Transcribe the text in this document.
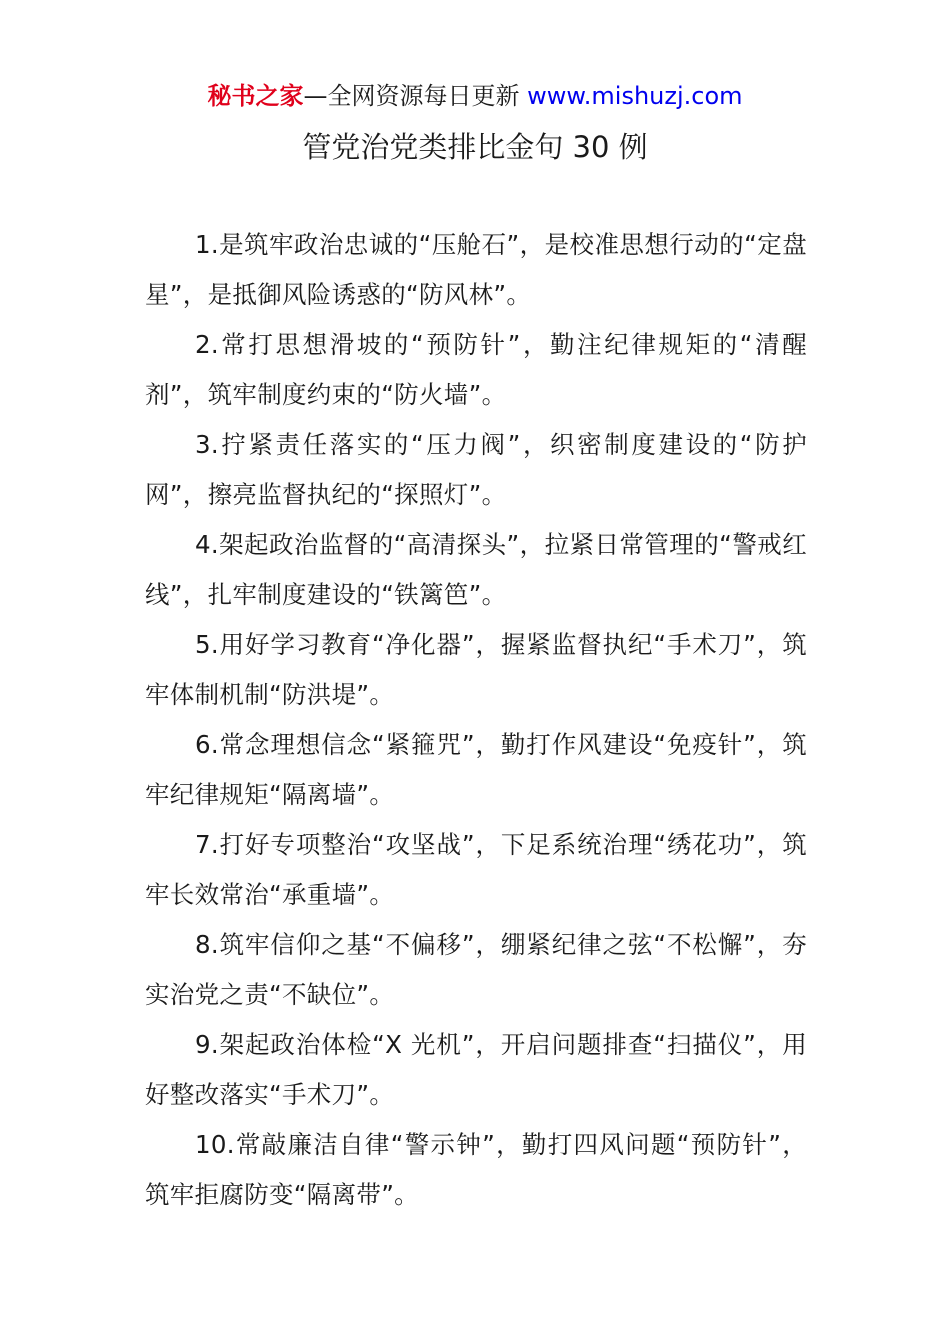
秘书之家—全网资源每日更新 www.mishuzj.com
管党治党类排比金句 30 例

1.是筑牢政治忠诚的“压舱石”，是校准思想行动的“定盘星”，是抵御风险诱惑的“防风林”。

2.常打思想滑坡的“预防针”，勤注纪律规矩的“清醒剂”，筑牢制度约束的“防火墙”。

3.拧紧责任落实的“压力阀”，织密制度建设的“防护网”，擦亮监督执纪的“探照灯”。

4.架起政治监督的“高清探头”，拉紧日常管理的“警戒红线”，扎牢制度建设的“铁篱笆”。

5.用好学习教育“净化器”，握紧监督执纪“手术刀”，筑牢体制机制“防洪堤”。

6.常念理想信念“紧箍咒”，勤打作风建设“免疫针”，筑牢纪律规矩“隔离墙”。

7.打好专项整治“攻坚战”，下足系统治理“绣花功”，筑牢长效常治“承重墙”。

8.筑牢信仰之基“不偏移”，绷紧纪律之弦“不松懈”，夯实治党之责“不缺位”。

9.架起政治体检“X 光机”，开启问题排查“扫描仪”，用好整改落实“手术刀”。

10.常敲廉洁自律“警示钟”，勤打四风问题“预防针”，筑牢拒腐防变“隔离带”。
